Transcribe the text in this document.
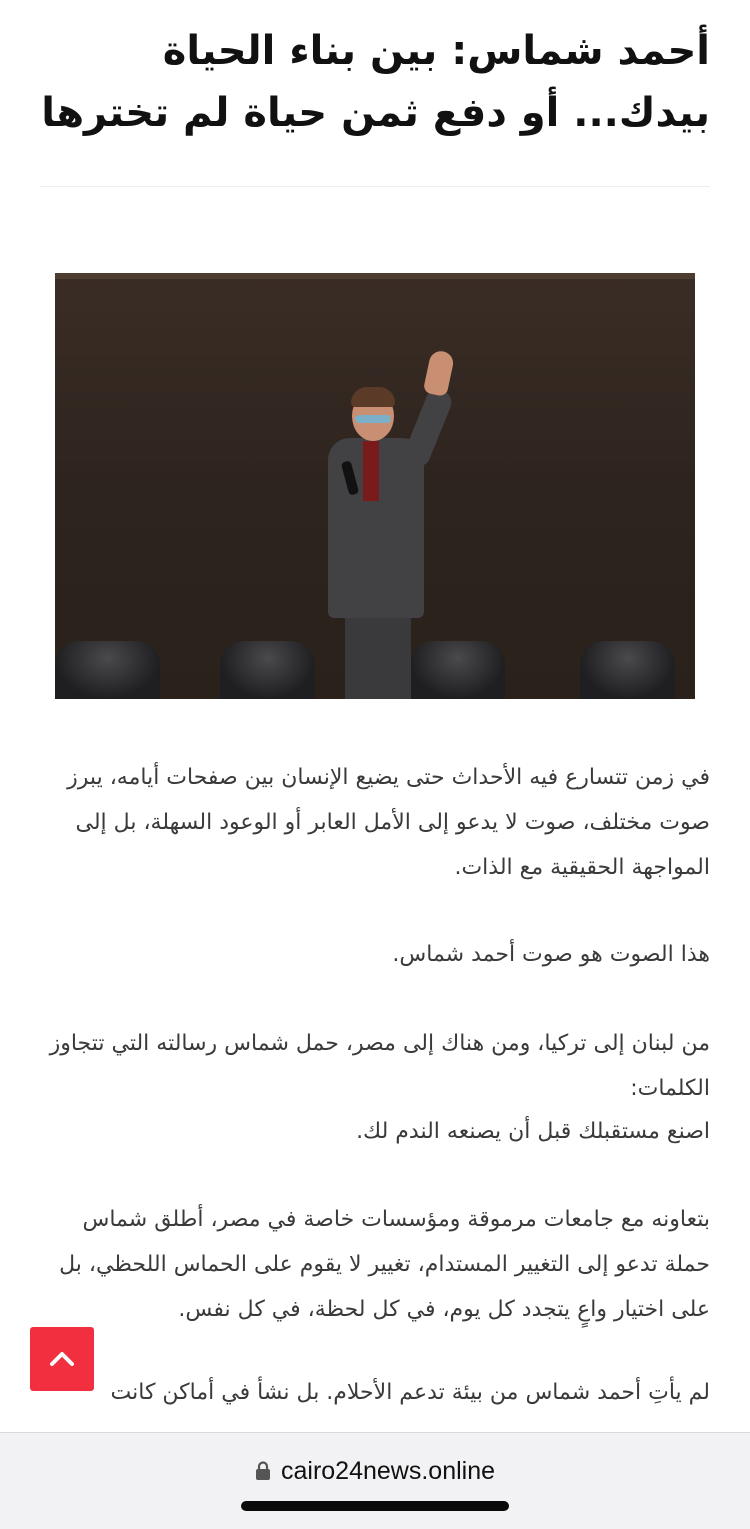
أحمد شماس: بين بناء الحياة بيدك... أو دفع ثمن حياة لم تخترها

في زمن تتسارع فيه الأحداث حتى يضيع الإنسان بين صفحات أيامه، يبرز صوت مختلف، صوت لا يدعو إلى الأمل العابر أو الوعود السهلة، بل إلى المواجهة الحقيقية مع الذات.

هذا الصوت هو صوت أحمد شماس.

من لبنان إلى تركيا، ومن هناك إلى مصر، حمل شماس رسالته التي تتجاوز الكلمات:

اصنع مستقبلك قبل أن يصنعه الندم لك.

بتعاونه مع جامعات مرموقة ومؤسسات خاصة في مصر، أطلق شماس حملة تدعو إلى التغيير المستدام، تغيير لا يقوم على الحماس اللحظي، بل على اختيار واعٍ يتجدد كل يوم، في كل لحظة، في كل نفس.

لم يأتِ أحمد شماس من بيئة تدعم الأحلام. بل نشأ في أماكن كانت

cairo24news.online
